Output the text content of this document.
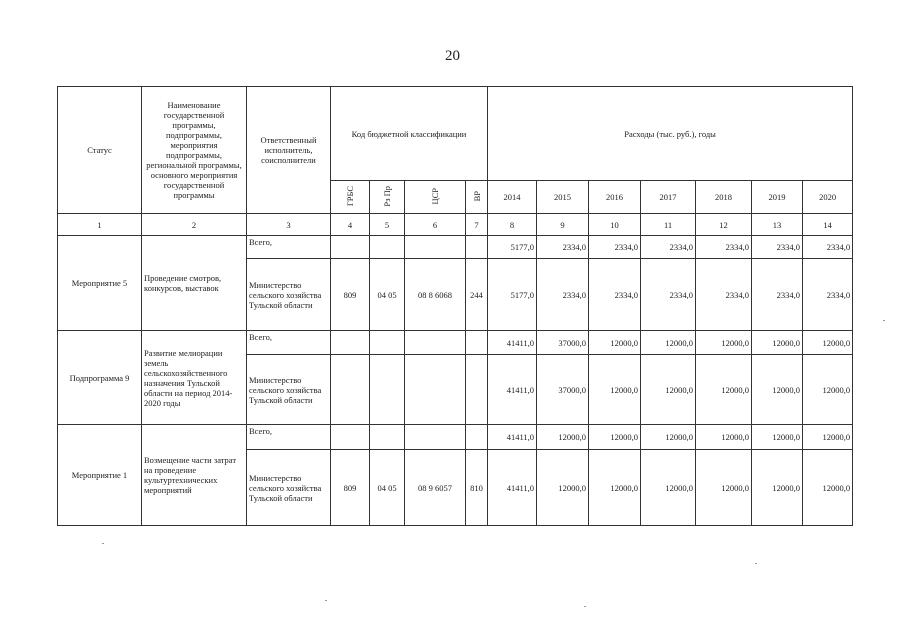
20
Статус	Наименование государственной программы, подпрограммы, мероприятия подпрограммы, региональной программы, основного мероприятия государственной программы	Ответственный исполнитель, соисполнители	Код бюджетной классификации				Расходы (тыс. руб.), годы						
			ГРБС	Рз Пр	ЦСР	ВР	2014	2015	2016	2017	2018	2019	2020
1	2	3	4	5	6	7	8	9	10	11	12	13	14
Мероприятие 5	Проведение смотров, конкурсов, выставок	Всего,					5177,0	2334,0	2334,0	2334,0	2334,0	2334,0	2334,0
		Министерство сельского хозяйства Тульской области	809	04 05	08 8 6068	244	5177,0	2334,0	2334,0	2334,0	2334,0	2334,0	2334,0
Подпрограмма 9	Развитие мелиорации земель сельскохозяйственного назначения Тульской области на период 2014-2020 годы	Всего,					41411,0	37000,0	12000,0	12000,0	12000,0	12000,0	12000,0
		Министерство сельского хозяйства Тульской области					41411,0	37000,0	12000,0	12000,0	12000,0	12000,0	12000,0
Мероприятие 1	Возмещение части затрат на проведение культуртехнических мероприятий	Всего,					41411,0	12000,0	12000,0	12000,0	12000,0	12000,0	12000,0
		Министерство сельского хозяйства Тульской области	809	04 05	08 9 6057	810	41411,0	12000,0	12000,0	12000,0	12000,0	12000,0	12000,0
